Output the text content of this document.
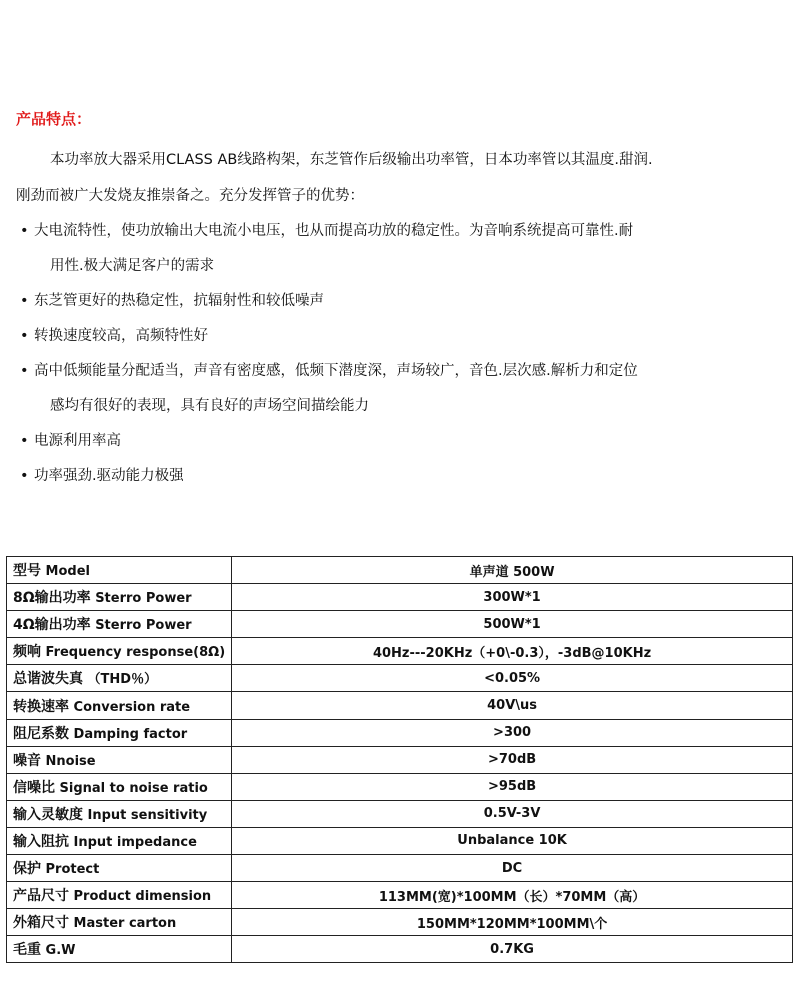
产品特点：
本功率放大器采用CLASS AB线路构架，东芝管作后级输出功率管，日本功率管以其温度.甜润.
刚劲而被广大发烧友推崇备之。充分发挥管子的优势：
• 大电流特性，使功放输出大电流小电压，也从而提高功放的稳定性。为音响系统提高可靠性.耐
用性.极大满足客户的需求
• 东芝管更好的热稳定性，抗辐射性和较低噪声
• 转换速度较高，高频特性好
• 高中低频能量分配适当，声音有密度感，低频下潜度深，声场较广，音色.层次感.解析力和定位
感均有很好的表现，具有良好的声场空间描绘能力
• 电源利用率高
• 功率强劲.驱动能力极强
型号 Model	单声道 500W
8Ω输出功率 Sterro Power	300W*1
4Ω输出功率 Sterro Power	500W*1
频响 Frequency response(8Ω)	40Hz---20KHz（+0\-0.3），-3dB@10KHz
总谐波失真 （THD％）	<0.05%
转换速率 Conversion rate	40V\us
阻尼系数 Damping factor	>300
噪音 Nnoise	>70dB
信噪比 Signal to noise ratio	>95dB
输入灵敏度 Input sensitivity	0.5V-3V
输入阻抗 Input impedance	Unbalance 10K
保护 Protect	DC
产品尺寸 Product dimension	113MM(宽)*100MM（长）*70MM（高）
外箱尺寸 Master carton	150MM*120MM*100MM\个
毛重 G.W	0.7KG
